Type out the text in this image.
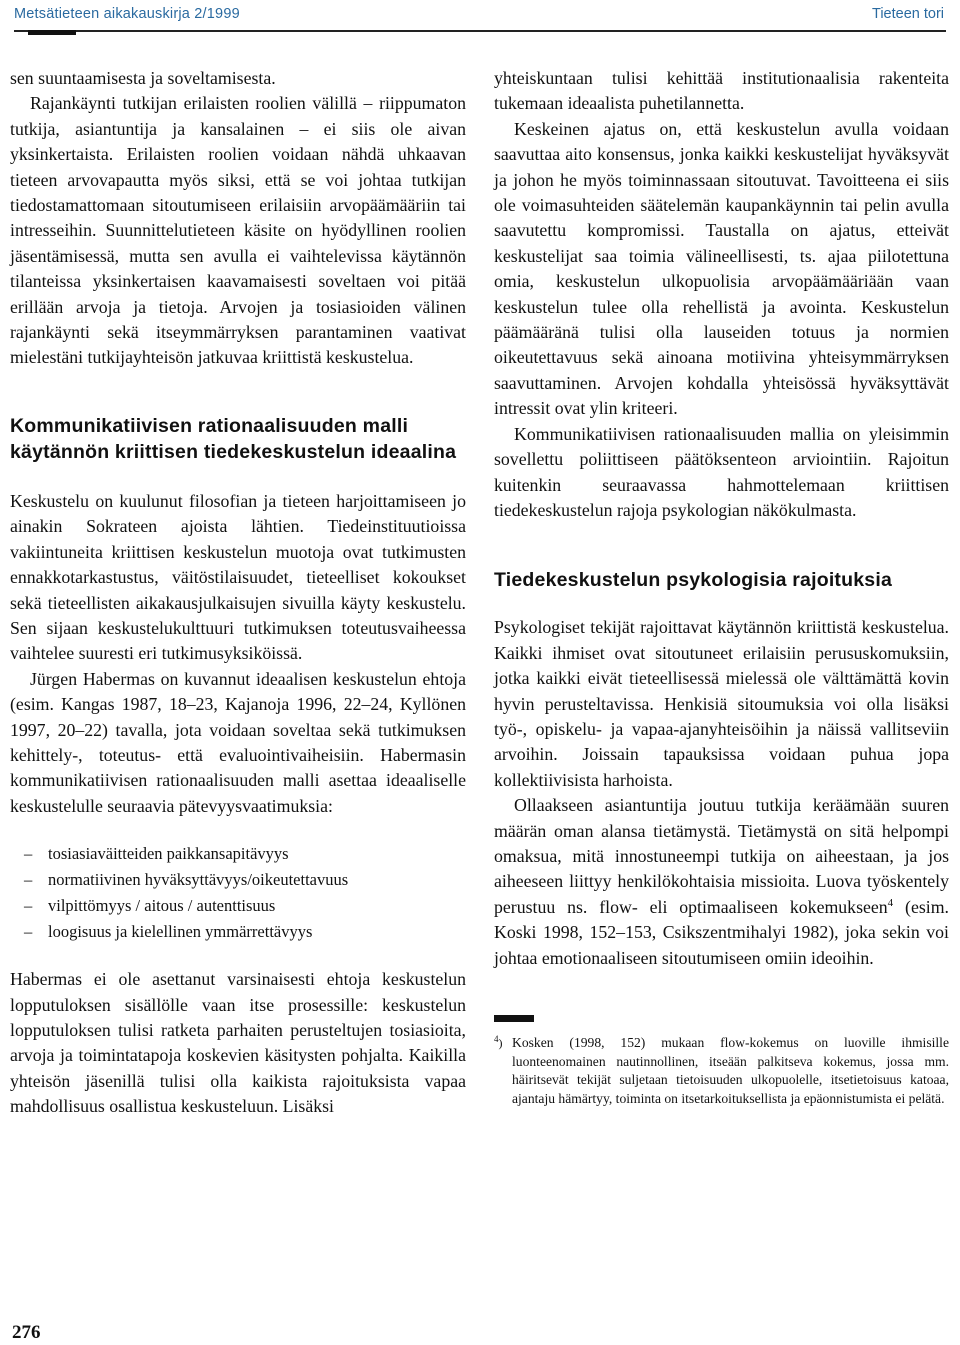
Metsätieteen aikakauskirja 2/1999	Tieteen tori

sen suuntaamisesta ja soveltamisesta.

Rajankäynti tutkijan erilaisten roolien välillä – riippumaton tutkija, asiantuntija ja kansalainen – ei siis ole aivan yksinkertaista. Erilaisten roolien voidaan nähdä uhkaavan tieteen arvovapautta myös siksi, että se voi johtaa tutkijan tiedostamattomaan sitoutumiseen erilaisiin arvopäämääriin tai intresseihin. Suunnittelutieteen käsite on hyödyllinen roolien jäsentämisessä, mutta sen avulla ei vaihtelevissa käytännön tilanteissa yksinkertaisen kaavamaisesti soveltaen voi pitää erillään arvoja ja tietoja. Arvojen ja tosiasioiden välinen rajankäynti sekä itseymmärryksen parantaminen vaativat mielestäni tutkijayhteisön jatkuvaa kriittistä keskustelua.

Kommunikatiivisen rationaalisuuden malli käytännön kriittisen tiedekeskustelun ideaalina

Keskustelu on kuulunut filosofian ja tieteen harjoittamiseen jo ainakin Sokrateen ajoista lähtien. Tiedeinstituutioissa vakiintuneita kriittisen keskustelun muotoja ovat tutkimusten ennakkotarkastustus, väitöstilaisuudet, tieteelliset kokoukset sekä tieteellisten aikakausjulkaisujen sivuilla käyty keskustelu. Sen sijaan keskustelukulttuuri tutkimuksen toteutusvaiheessa vaihtelee suuresti eri tutkimusyksiköissä.

Jürgen Habermas on kuvannut ideaalisen keskustelun ehtoja (esim. Kangas 1987, 18–23, Kajanoja 1996, 22–24, Kyllönen 1997, 20–22) tavalla, jota voidaan soveltaa sekä tutkimuksen kehittely-, toteutus- että evaluointivaiheisiin. Habermasin kommunikatiivisen rationaalisuuden malli asettaa ideaaliselle keskustelulle seuraavia pätevyysvaatimuksia:

– tosiasiaväitteiden paikkansapitävyys
– normatiivinen hyväksyttävyys/oikeutettavuus
– vilpittömyys / aitous / autenttisuus
– loogisuus ja kielellinen ymmärrettävyys

Habermas ei ole asettanut varsinaisesti ehtoja keskustelun lopputuloksen sisällölle vaan itse prosessille: keskustelun lopputuloksen tulisi ratketa parhaiten perusteltujen tosiasioita, arvoja ja toimintatapoja koskevien käsitysten pohjalta. Kaikilla yhteisön jäsenillä tulisi olla kaikista rajoituksista vapaa mahdollisuus osallistua keskusteluun. Lisäksi

yhteiskuntaan tulisi kehittää institutionaalisia rakenteita tukemaan ideaalista puhetilannetta.

Keskeinen ajatus on, että keskustelun avulla voidaan saavuttaa aito konsensus, jonka kaikki keskustelijat hyväksyvät ja johon he myös toiminnassaan sitoutuvat. Tavoitteena ei siis ole voimasuhteiden säätelemän kaupankäynnin tai pelin avulla saavutettu kompromissi. Taustalla on ajatus, etteivät keskustelijat saa toimia välineellisesti, ts. ajaa piilotettuna omia, keskustelun ulkopuolisia arvopäämääriään vaan keskustelun tulee olla rehellistä ja avointa. Keskustelun päämääränä tulisi olla lauseiden totuus ja normien oikeutettavuus sekä ainoana motiivina yhteisymmärryksen saavuttaminen. Arvojen kohdalla yhteisössä hyväksyttävät intressit ovat ylin kriteeri.

Kommunikatiivisen rationaalisuuden mallia on yleisimmin sovellettu poliittiseen päätöksenteon arviointiin. Rajoitun kuitenkin seuraavassa hahmottelemaan kriittisen tiedekeskustelun rajoja psykologian näkökulmasta.

Tiedekeskustelun psykologisia rajoituksia

Psykologiset tekijät rajoittavat käytännön kriittistä keskustelua. Kaikki ihmiset ovat sitoutuneet erilaisiin perususkomuksiin, jotka kaikki eivät tieteellisessä mielessä ole välttämättä kovin hyvin perusteltavissa. Henkisiä sitoumuksia voi olla lisäksi työ-, opiskelu- ja vapaa-ajanyhteisöihin ja näissä vallitseviin arvoihin. Joissain tapauksissa voidaan puhua jopa kollektiivisista harhoista.

Ollaakseen asiantuntija joutuu tutkija keräämään suuren määrän oman alansa tietämystä. Tietämystä on sitä helpompi omaksua, mitä innostuneempi tutkija on aiheestaan, ja jos aiheeseen liittyy henkilökohtaisia missioita. Luova työskentely perustuu ns. flow- eli optimaaliseen kokemukseen$^4$ (esim. Koski 1998, 152–153, Csikszentmihalyi 1982), joka sekin voi johtaa emotionaaliseen sitoutumiseen omiin ideoihin.

$^4$) Kosken (1998, 152) mukaan flow-kokemus on luoville ihmisille luonteenomainen nautinnollinen, itseään palkitseva kokemus, jossa mm. häiritsevät tekijät suljetaan tietoisuuden ulkopuolelle, itsetietoisuus katoaa, ajantaju hämärtyy, toiminta on itsetarkoituksellista ja epäonnistumista ei pelätä.
276
